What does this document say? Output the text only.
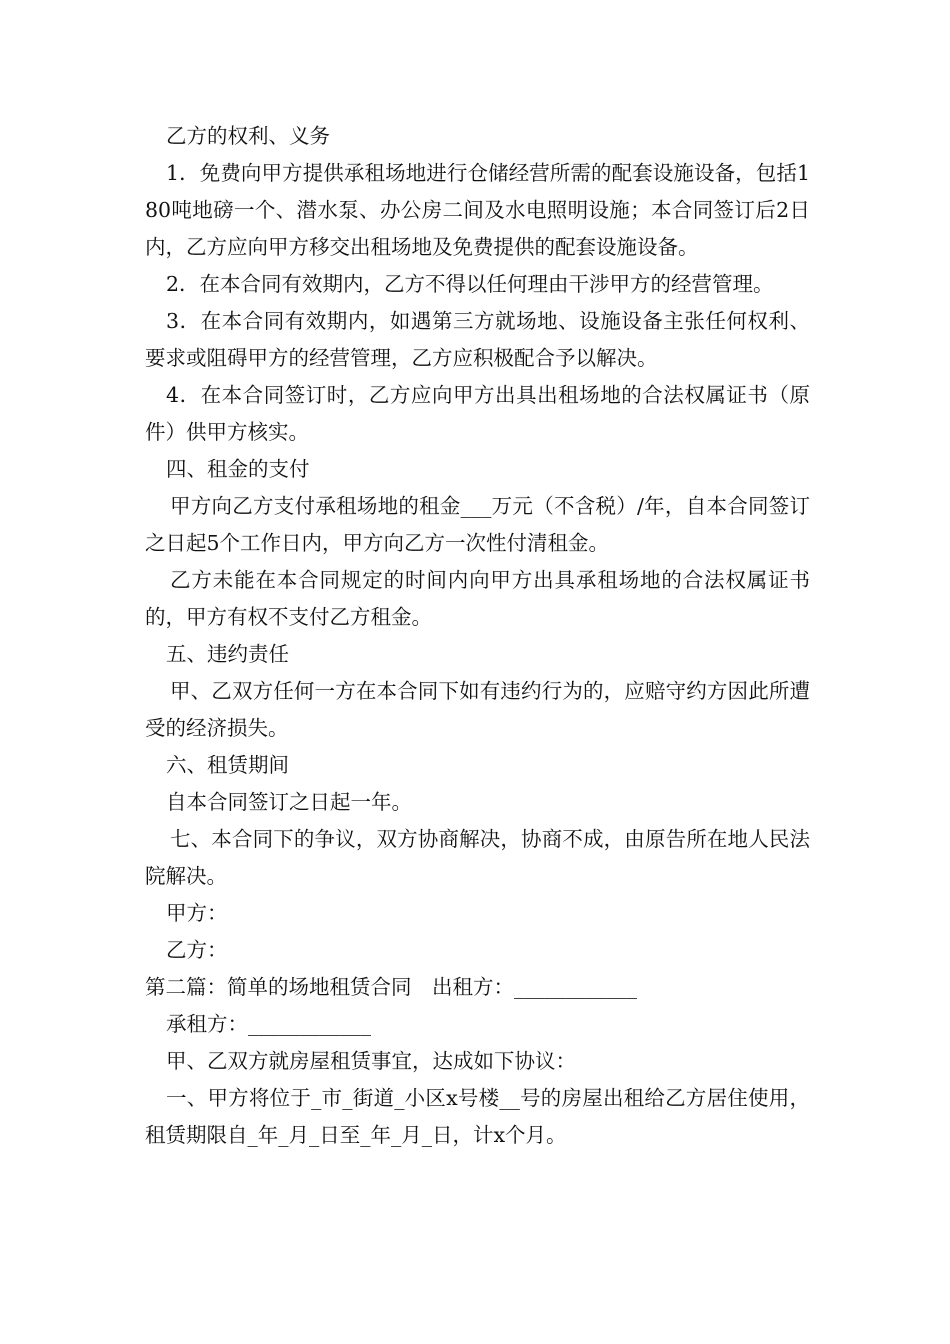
乙方的权利、义务

1．免费向甲方提供承租场地进行仓储经营所需的配套设施设备，包括180吨地磅一个、潜水泵、办公房二间及水电照明设施；本合同签订后2日内，乙方应向甲方移交出租场地及免费提供的配套设施设备。

2．在本合同有效期内，乙方不得以任何理由干涉甲方的经营管理。

3．在本合同有效期内，如遇第三方就场地、设施设备主张任何权利、要求或阻碍甲方的经营管理，乙方应积极配合予以解决。

4．在本合同签订时，乙方应向甲方出具出租场地的合法权属证书（原件）供甲方核实。

四、租金的支付

甲方向乙方支付承租场地的租金___万元（不含税）/年，自本合同签订之日起5个工作日内，甲方向乙方一次性付清租金。

乙方未能在本合同规定的时间内向甲方出具承租场地的合法权属证书的，甲方有权不支付乙方租金。

五、违约责任

甲、乙双方任何一方在本合同下如有违约行为的，应赔守约方因此所遭受的经济损失。

六、租赁期间

自本合同签订之日起一年。

七、本合同下的争议，双方协商解决，协商不成，由原告所在地人民法院解决。

甲方：

乙方：

第二篇：简单的场地租赁合同　出租方：____________

承租方：____________

甲、乙双方就房屋租赁事宜，达成如下协议：

一、甲方将位于_市_街道_小区x号楼__号的房屋出租给乙方居住使用，租赁期限自_年_月_日至_年_月_日，计x个月。
